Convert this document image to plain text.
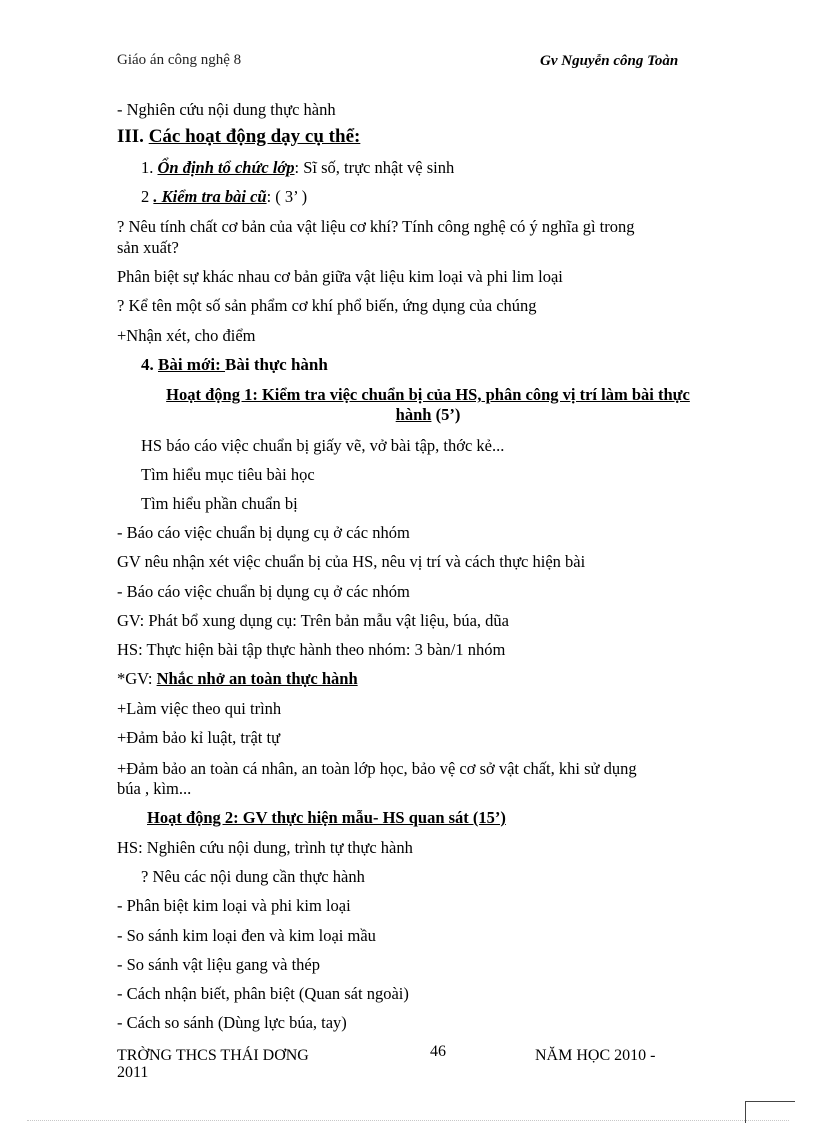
Giáo án công nghệ 8	Gv Nguyễn công Toàn
- Nghiên cứu nội dung thực hành
III. Các hoạt động dạy cụ thể:
1. Ổn định tổ chức lớp: Sĩ số, trực nhật vệ sinh
2 . Kiểm tra bài cũ: ( 3’ )
? Nêu tính chất cơ bản của vật liệu cơ khí? Tính công nghệ có ý nghĩa gì trong
sản xuất?
Phân biệt sự khác nhau cơ bản giữa vật liệu kim loại và phi lim loại
? Kể tên một số sản phẩm cơ khí phổ biến, ứng dụng của chúng
+Nhận xét, cho điểm
4. Bài mới: Bài thực hành
Hoạt động 1: Kiểm tra việc chuẩn bị của HS, phân công vị trí làm bài thực
hành (5’)
HS báo cáo việc chuẩn bị giấy vẽ, vở bài tập, thớc kẻ...
Tìm hiểu mục tiêu bài học
Tìm hiểu phần chuẩn bị
- Báo cáo việc chuẩn bị dụng cụ ở các nhóm
GV nêu nhận xét việc chuẩn bị của HS, nêu vị trí và cách thực hiện bài
- Báo cáo việc chuẩn bị dụng cụ ở các nhóm
GV: Phát bổ xung dụng cụ: Trên bản mẫu vật liệu, búa, dũa
HS: Thực hiện bài tập thực hành theo nhóm: 3 bàn/1 nhóm
*GV: Nhắc nhở an toàn thực hành
+Làm việc theo qui trình
+Đảm bảo kỉ luật, trật tự
+Đảm bảo an toàn cá nhân, an toàn lớp học, bảo vệ cơ sở vật chất, khi sử dụng
búa , kìm...
Hoạt động 2: GV thực hiện mẫu- HS quan sát (15’)
HS: Nghiên cứu nội dung, trình tự thực hành
? Nêu các nội dung cần thực hành
- Phân biệt kim loại và phi kim loại
- So sánh kim loại đen và kim loại mầu
- So sánh vật liệu gang và thép
- Cách nhận biết, phân biệt (Quan sát ngoài)
- Cách so sánh (Dùng lực búa, tay)
TRỜNG THCS THÁI DƠNG	46	NĂM HỌC 2010 -
2011
